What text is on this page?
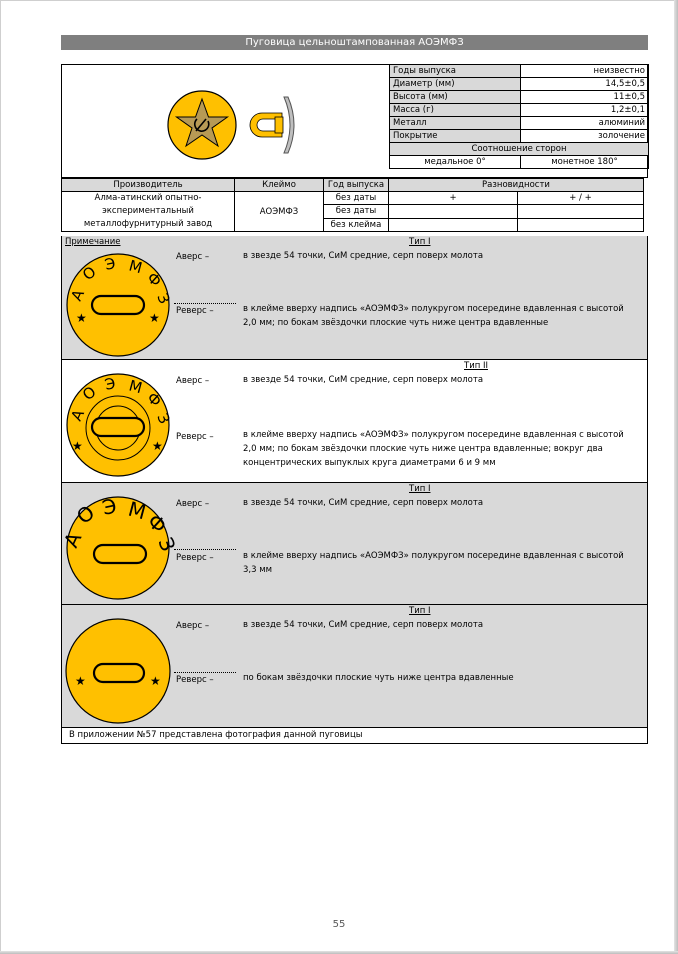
Пуговица цельноштампованная АОЭМФЗ
Годы выпуска	неизвестно
Диаметр (мм)	14,5±0,5
Высота (мм)	11±0,5
Масса (г)	1,2±0,1
Металл	алюминий
Покрытие	золочение
Соотношение сторон	
медальное 0°	монетное 180°
Производитель	Клеймо	Год выпуска	Разновидности	
Алма-атинский опытно-экспериментальный металлофурнитурный завод	АОЭМФЗ	без даты	+	+ / +
		без даты		
		без клейма		
Примечание	Тип I
А
О Э М
Ф
З
★	★
Аверс –	в звезде 54 точки, СиМ средние, серп поверх молота
Реверс –	в клейме вверху надпись «АОЭМФЗ» полукругом посередине вдавленная с высотой 2,0 мм; по бокам звёздочки плоские чуть ниже центра вдавленные
Тип II
А
О Э М
Ф
З
★	★
Аверс –	в звезде 54 точки, СиМ средние, серп поверх молота
Реверс –	в клейме вверху надпись «АОЭМФЗ» полукругом посередине вдавленная с высотой 2,0 мм; по бокам звёздочки плоские чуть ниже центра вдавленные; вокруг два концентрических выпуклых круга диаметрами 6 и 9 мм
Тип I
А
О Э М
Ф
З
Аверс –	в звезде 54 точки, СиМ средние, серп поверх молота
Реверс –	в клейме вверху надпись «АОЭМФЗ» полукругом посередине вдавленная с высотой 3,3 мм
Тип I
★	★
Аверс –	в звезде 54 точки, СиМ средние, серп поверх молота
Реверс –	по бокам звёздочки плоские чуть ниже центра вдавленные
В приложении №57 представлена фотография данной пуговицы
55
